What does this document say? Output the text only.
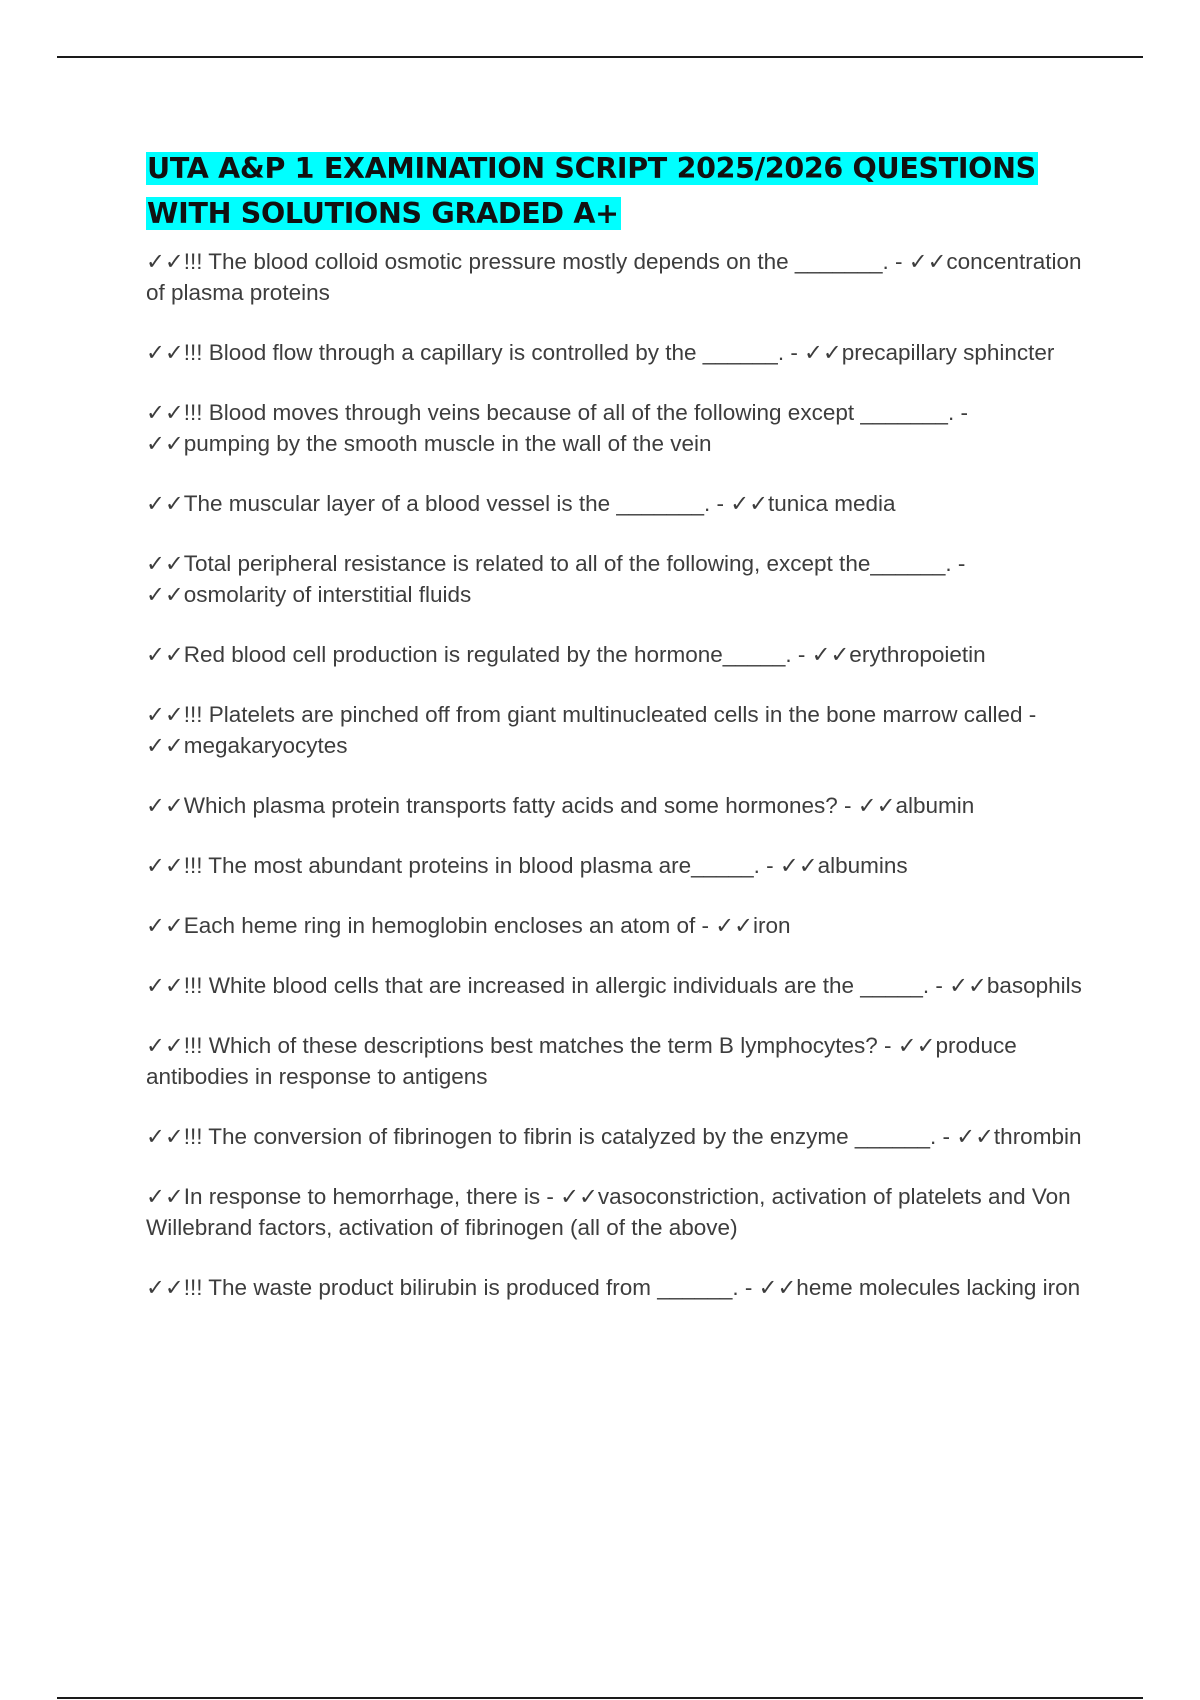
UTA A&P 1 EXAMINATION SCRIPT 2025/2026 QUESTIONS WITH SOLUTIONS GRADED A+
✓✓!!! The blood colloid osmotic pressure mostly depends on the _______. - ✓✓concentration of plasma proteins
✓✓!!! Blood flow through a capillary is controlled by the ______. - ✓✓precapillary sphincter
✓✓!!! Blood moves through veins because of all of the following except _______. - ✓✓pumping by the smooth muscle in the wall of the vein
✓✓The muscular layer of a blood vessel is the _______. - ✓✓tunica media
✓✓Total peripheral resistance is related to all of the following, except the______. - ✓✓osmolarity of interstitial fluids
✓✓Red blood cell production is regulated by the hormone_____. - ✓✓erythropoietin
✓✓!!! Platelets are pinched off from giant multinucleated cells in the bone marrow called - ✓✓megakaryocytes
✓✓Which plasma protein transports fatty acids and some hormones? - ✓✓albumin
✓✓!!! The most abundant proteins in blood plasma are_____. - ✓✓albumins
✓✓Each heme ring in hemoglobin encloses an atom of - ✓✓iron
✓✓!!! White blood cells that are increased in allergic individuals are the _____. - ✓✓basophils
✓✓!!! Which of these descriptions best matches the term B lymphocytes? - ✓✓produce antibodies in response to antigens
✓✓!!! The conversion of fibrinogen to fibrin is catalyzed by the enzyme ______. - ✓✓thrombin
✓✓In response to hemorrhage, there is - ✓✓vasoconstriction, activation of platelets and Von Willebrand factors, activation of fibrinogen (all of the above)
✓✓!!! The waste product bilirubin is produced from ______. - ✓✓heme molecules lacking iron
